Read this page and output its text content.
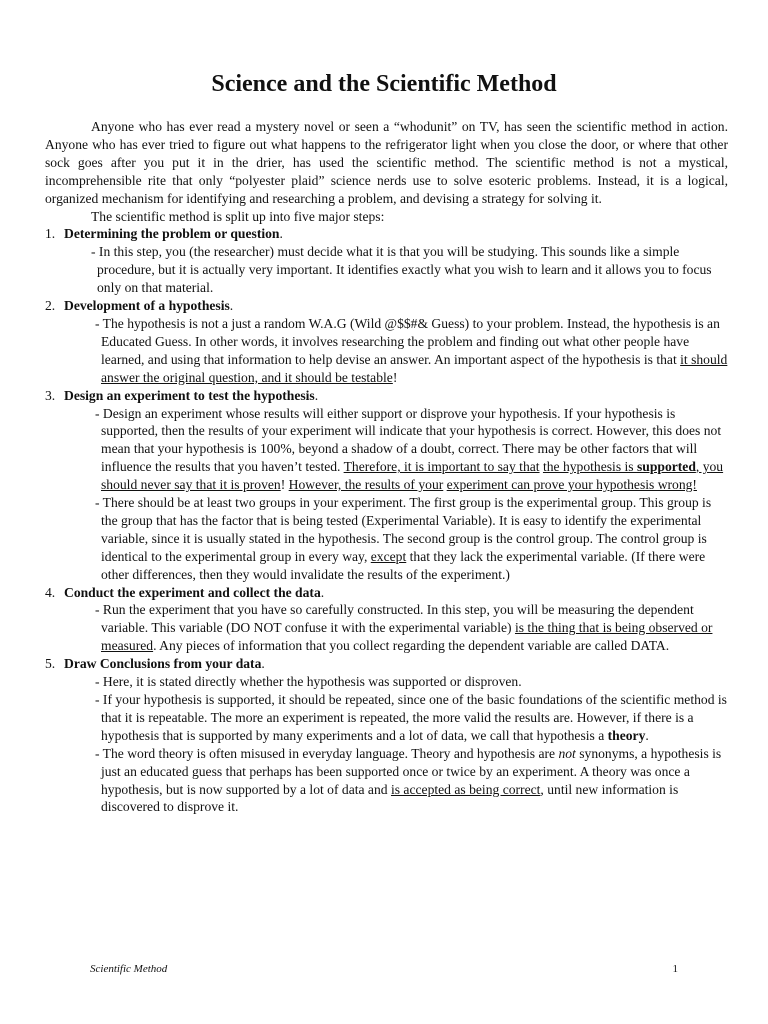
Science and the Scientific Method

Anyone who has ever read a mystery novel or seen a “whodunit” on TV, has seen the scientific method in action. Anyone who has ever tried to figure out what happens to the refrigerator light when you close the door, or where that other sock goes after you put it in the drier, has used the scientific method. The scientific method is not a mystical, incomprehensible rite that only “polyester plaid” science nerds use to solve esoteric problems. Instead, it is a logical, organized mechanism for identifying and researching a problem, and devising a strategy for solving it.

The scientific method is split up into five major steps:

1. Determining the problem or question.

- In this step, you (the researcher) must decide what it is that you will be studying. This sounds like a simple procedure, but it is actually very important. It identifies exactly what you wish to learn and it allows you to focus only on that material.

2. Development of a hypothesis.

- The hypothesis is not a just a random W.A.G (Wild @$$#& Guess) to your problem. Instead, the hypothesis is an Educated Guess. In other words, it involves researching the problem and finding out what other people have learned, and using that information to help devise an answer. An important aspect of the hypothesis is that it should answer the original question, and it should be testable!

3. Design an experiment to test the hypothesis.

- Design an experiment whose results will either support or disprove your hypothesis. If your hypothesis is supported, then the results of your experiment will indicate that your hypothesis is correct. However, this does not mean that your hypothesis is 100%, beyond a shadow of a doubt, correct. There may be other factors that will influence the results that you haven’t tested. Therefore, it is important to say that the hypothesis is supported, you should never say that it is proven! However, the results of your experiment can prove your hypothesis wrong!

- There should be at least two groups in your experiment. The first group is the experimental group. This group is the group that has the factor that is being tested (Experimental Variable). It is easy to identify the experimental variable, since it is usually stated in the hypothesis. The second group is the control group. The control group is identical to the experimental group in every way, except that they lack the experimental variable. (If there were other differences, then they would invalidate the results of the experiment.)

4. Conduct the experiment and collect the data.

- Run the experiment that you have so carefully constructed. In this step, you will be measuring the dependent variable. This variable (DO NOT confuse it with the experimental variable) is the thing that is being observed or measured. Any pieces of information that you collect regarding the dependent variable are called DATA.

5. Draw Conclusions from your data.

- Here, it is stated directly whether the hypothesis was supported or disproven.

- If your hypothesis is supported, it should be repeated, since one of the basic foundations of the scientific method is that it is repeatable. The more an experiment is repeated, the more valid the results are. However, if there is a hypothesis that is supported by many experiments and a lot of data, we call that hypothesis a theory.

- The word theory is often misused in everyday language. Theory and hypothesis are not synonyms, a hypothesis is just an educated guess that perhaps has been supported once or twice by an experiment. A theory was once a hypothesis, but is now supported by a lot of data and is accepted as being correct, until new information is discovered to disprove it.

Scientific Method	1
